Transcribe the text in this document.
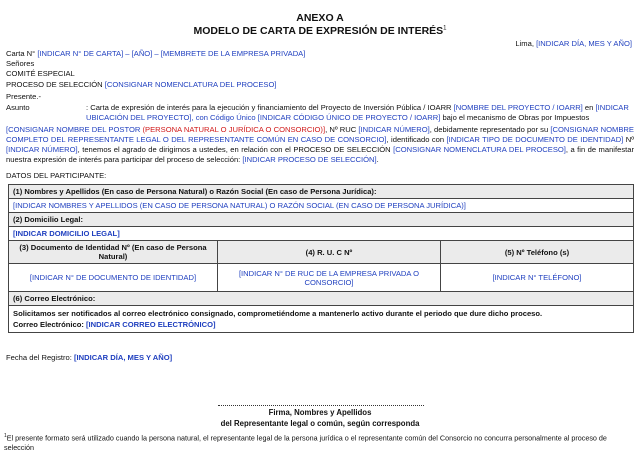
ANEXO A
MODELO DE CARTA DE EXPRESIÓN DE INTERÉS$^1$
Lima, [INDICAR DÍA, MES Y AÑO]
Carta N° [INDICAR N° DE CARTA] – [AÑO] – [MEMBRETE DE LA EMPRESA PRIVADA]
Señores
COMITÉ ESPECIAL
PROCESO DE SELECCIÓN [CONSIGNAR NOMENCLATURA DEL PROCESO]
Presente.-
Asunto	: Carta de expresión de interés para la ejecución y financiamiento del Proyecto de Inversión Pública / IOARR [NOMBRE DEL PROYECTO / IOARR] en [INDICAR UBICACIÓN DEL PROYECTO], con Código Único [INDICAR CÓDIGO ÚNICO DE PROYECTO / IOARR] bajo el mecanismo de Obras por Impuestos
[CONSIGNAR NOMBRE DEL POSTOR (PERSONA NATURAL O JURÍDICA O CONSORCIO)], Nº RUC [INDICAR NÚMERO], debidamente representado por su [CONSIGNAR NOMBRE COMPLETO DEL REPRESENTANTE LEGAL O DEL REPRESENTANTE COMÚN EN CASO DE CONSORCIO], identificado con [INDICAR TIPO DE DOCUMENTO DE IDENTIDAD] Nº [INDICAR NÚMERO], tenemos el agrado de dirigirnos a ustedes, en relación con el PROCESO DE SELECCIÓN [CONSIGNAR NOMENCLATURA DEL PROCESO], a fin de manifestar nuestra expresión de interés para participar del proceso de selección: [INDICAR PROCESO DE SELECCIÓN].
DATOS DEL PARTICIPANTE:
(1) Nombres y Apellidos (En caso de Persona Natural) o Razón Social (En caso de Persona Jurídica):		
[INDICAR NOMBRES Y APELLIDOS (EN CASO DE PERSONA NATURAL) O RAZÓN SOCIAL (EN CASO DE PERSONA JURÍDICA)]		
(2) Domicilio Legal:		
[INDICAR DOMICILIO LEGAL]		
(3) Documento de Identidad Nº (En caso de Persona Natural)	(4) R. U. C Nº	(5) Nº Teléfono (s)
[INDICAR N° DE DOCUMENTO DE IDENTIDAD]	[INDICAR N° DE RUC DE LA EMPRESA PRIVADA O CONSORCIO]	[INDICAR N° TELÉFONO]
(6) Correo Electrónico:		

Solicitamos ser notificados al correo electrónico consignado, comprometiéndome a mantenerlo activo durante el periodo que dure dicho proceso.
Correo Electrónico: [INDICAR CORREO ELECTRÓNICO]		
Fecha del Registro: [INDICAR DÍA, MES Y AÑO]
Firma, Nombres y Apellidos
del Representante legal o común, según corresponda
$^1$El presente formato será utilizado cuando la persona natural, el representante legal de la persona jurídica o el representante común del Consorcio no concurra personalmente al proceso de selección
